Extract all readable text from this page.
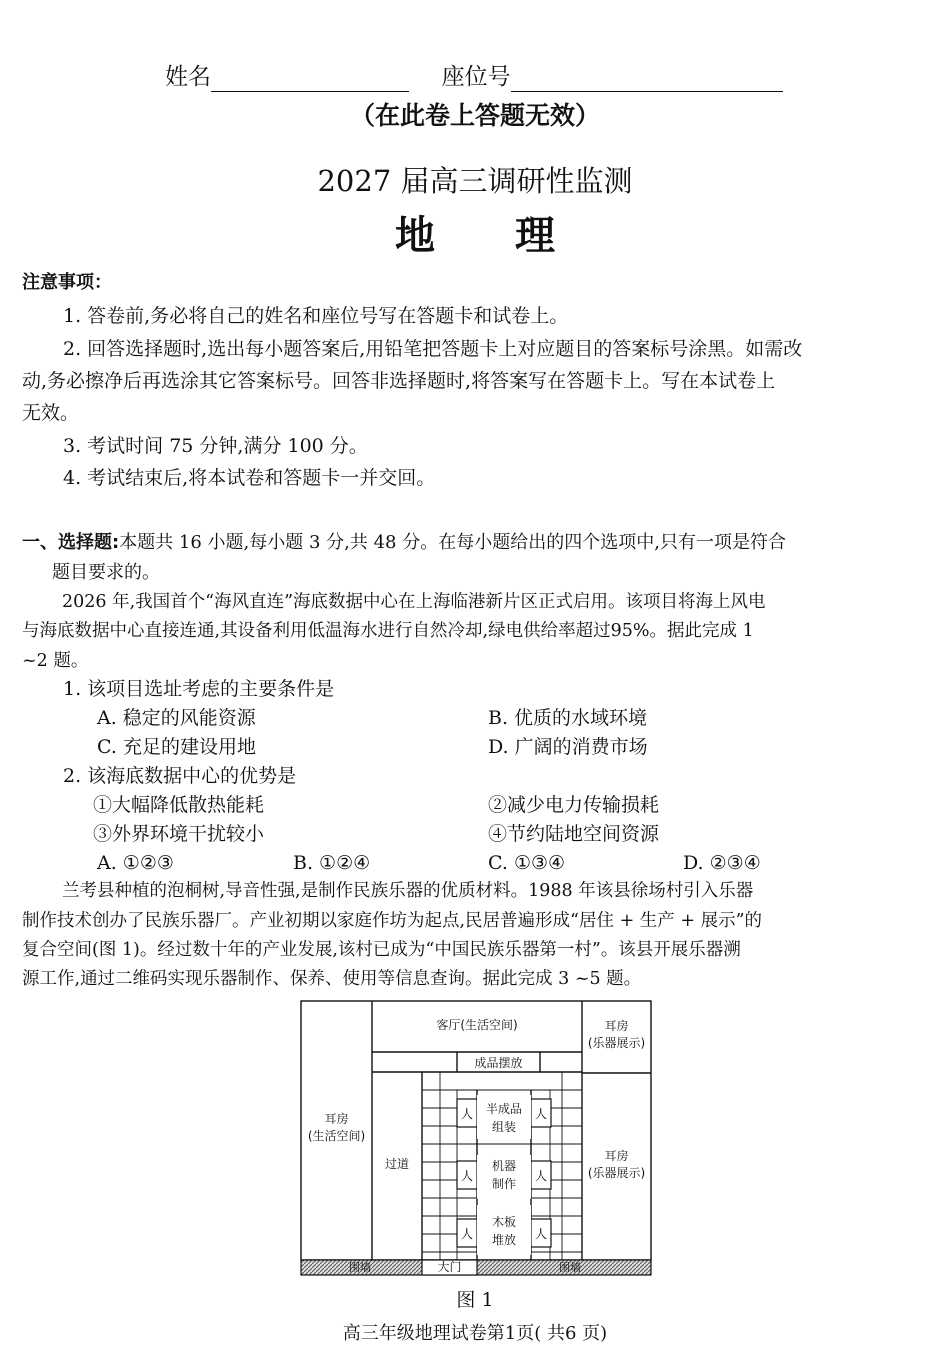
姓名	座位号
（在此卷上答题无效）
2027 届高三调研性监测
地　　理
注意事项：
1. 答卷前,务必将自己的姓名和座位号写在答题卡和试卷上。
2. 回答选择题时,选出每小题答案后,用铅笔把答题卡上对应题目的答案标号涂黑。如需改
动,务必擦净后再选涂其它答案标号。回答非选择题时,将答案写在答题卡上。写在本试卷上
无效。
3. 考试时间 75 分钟,满分 100 分。
4. 考试结束后,将本试卷和答题卡一并交回。
一、选择题:本题共 16 小题,每小题 3 分,共 48 分。在每小题给出的四个选项中,只有一项是符合
题目要求的。
2026 年,我国首个“海风直连”海底数据中心在上海临港新片区正式启用。该项目将海上风电
与海底数据中心直接连通,其设备利用低温海水进行自然冷却,绿电供给率超过95%。据此完成 1
~2 题。
1. 该项目选址考虑的主要条件是
A. 稳定的风能资源	B. 优质的水域环境
C. 充足的建设用地	D. 广阔的消费市场
2. 该海底数据中心的优势是
①大幅降低散热能耗	②减少电力传输损耗
③外界环境干扰较小	④节约陆地空间资源
A. ①②③	B. ①②④	C. ①③④	D. ②③④
兰考县种植的泡桐树,导音性强,是制作民族乐器的优质材料。1988 年该县徐场村引入乐器
制作技术创办了民族乐器厂。产业初期以家庭作坊为起点,民居普遍形成“居住 + 生产 + 展示”的
复合空间(图 1)。经过数十年的产业发展,该村已成为“中国民族乐器第一村”。该县开展乐器溯
源工作,通过二维码实现乐器制作、保养、使用等信息查询。据此完成 3 ~5 题。
客厅(生活空间)	耳房
(乐器展示)
成品摆放
耳房
(生活空间)
过道
半成品
组装
机器
制作
木板
堆放
耳房
(乐器展示)
人	人
人	人
人	人
围墙	大门	围墙
图 1
高三年级地理试卷第1页( 共6 页)
